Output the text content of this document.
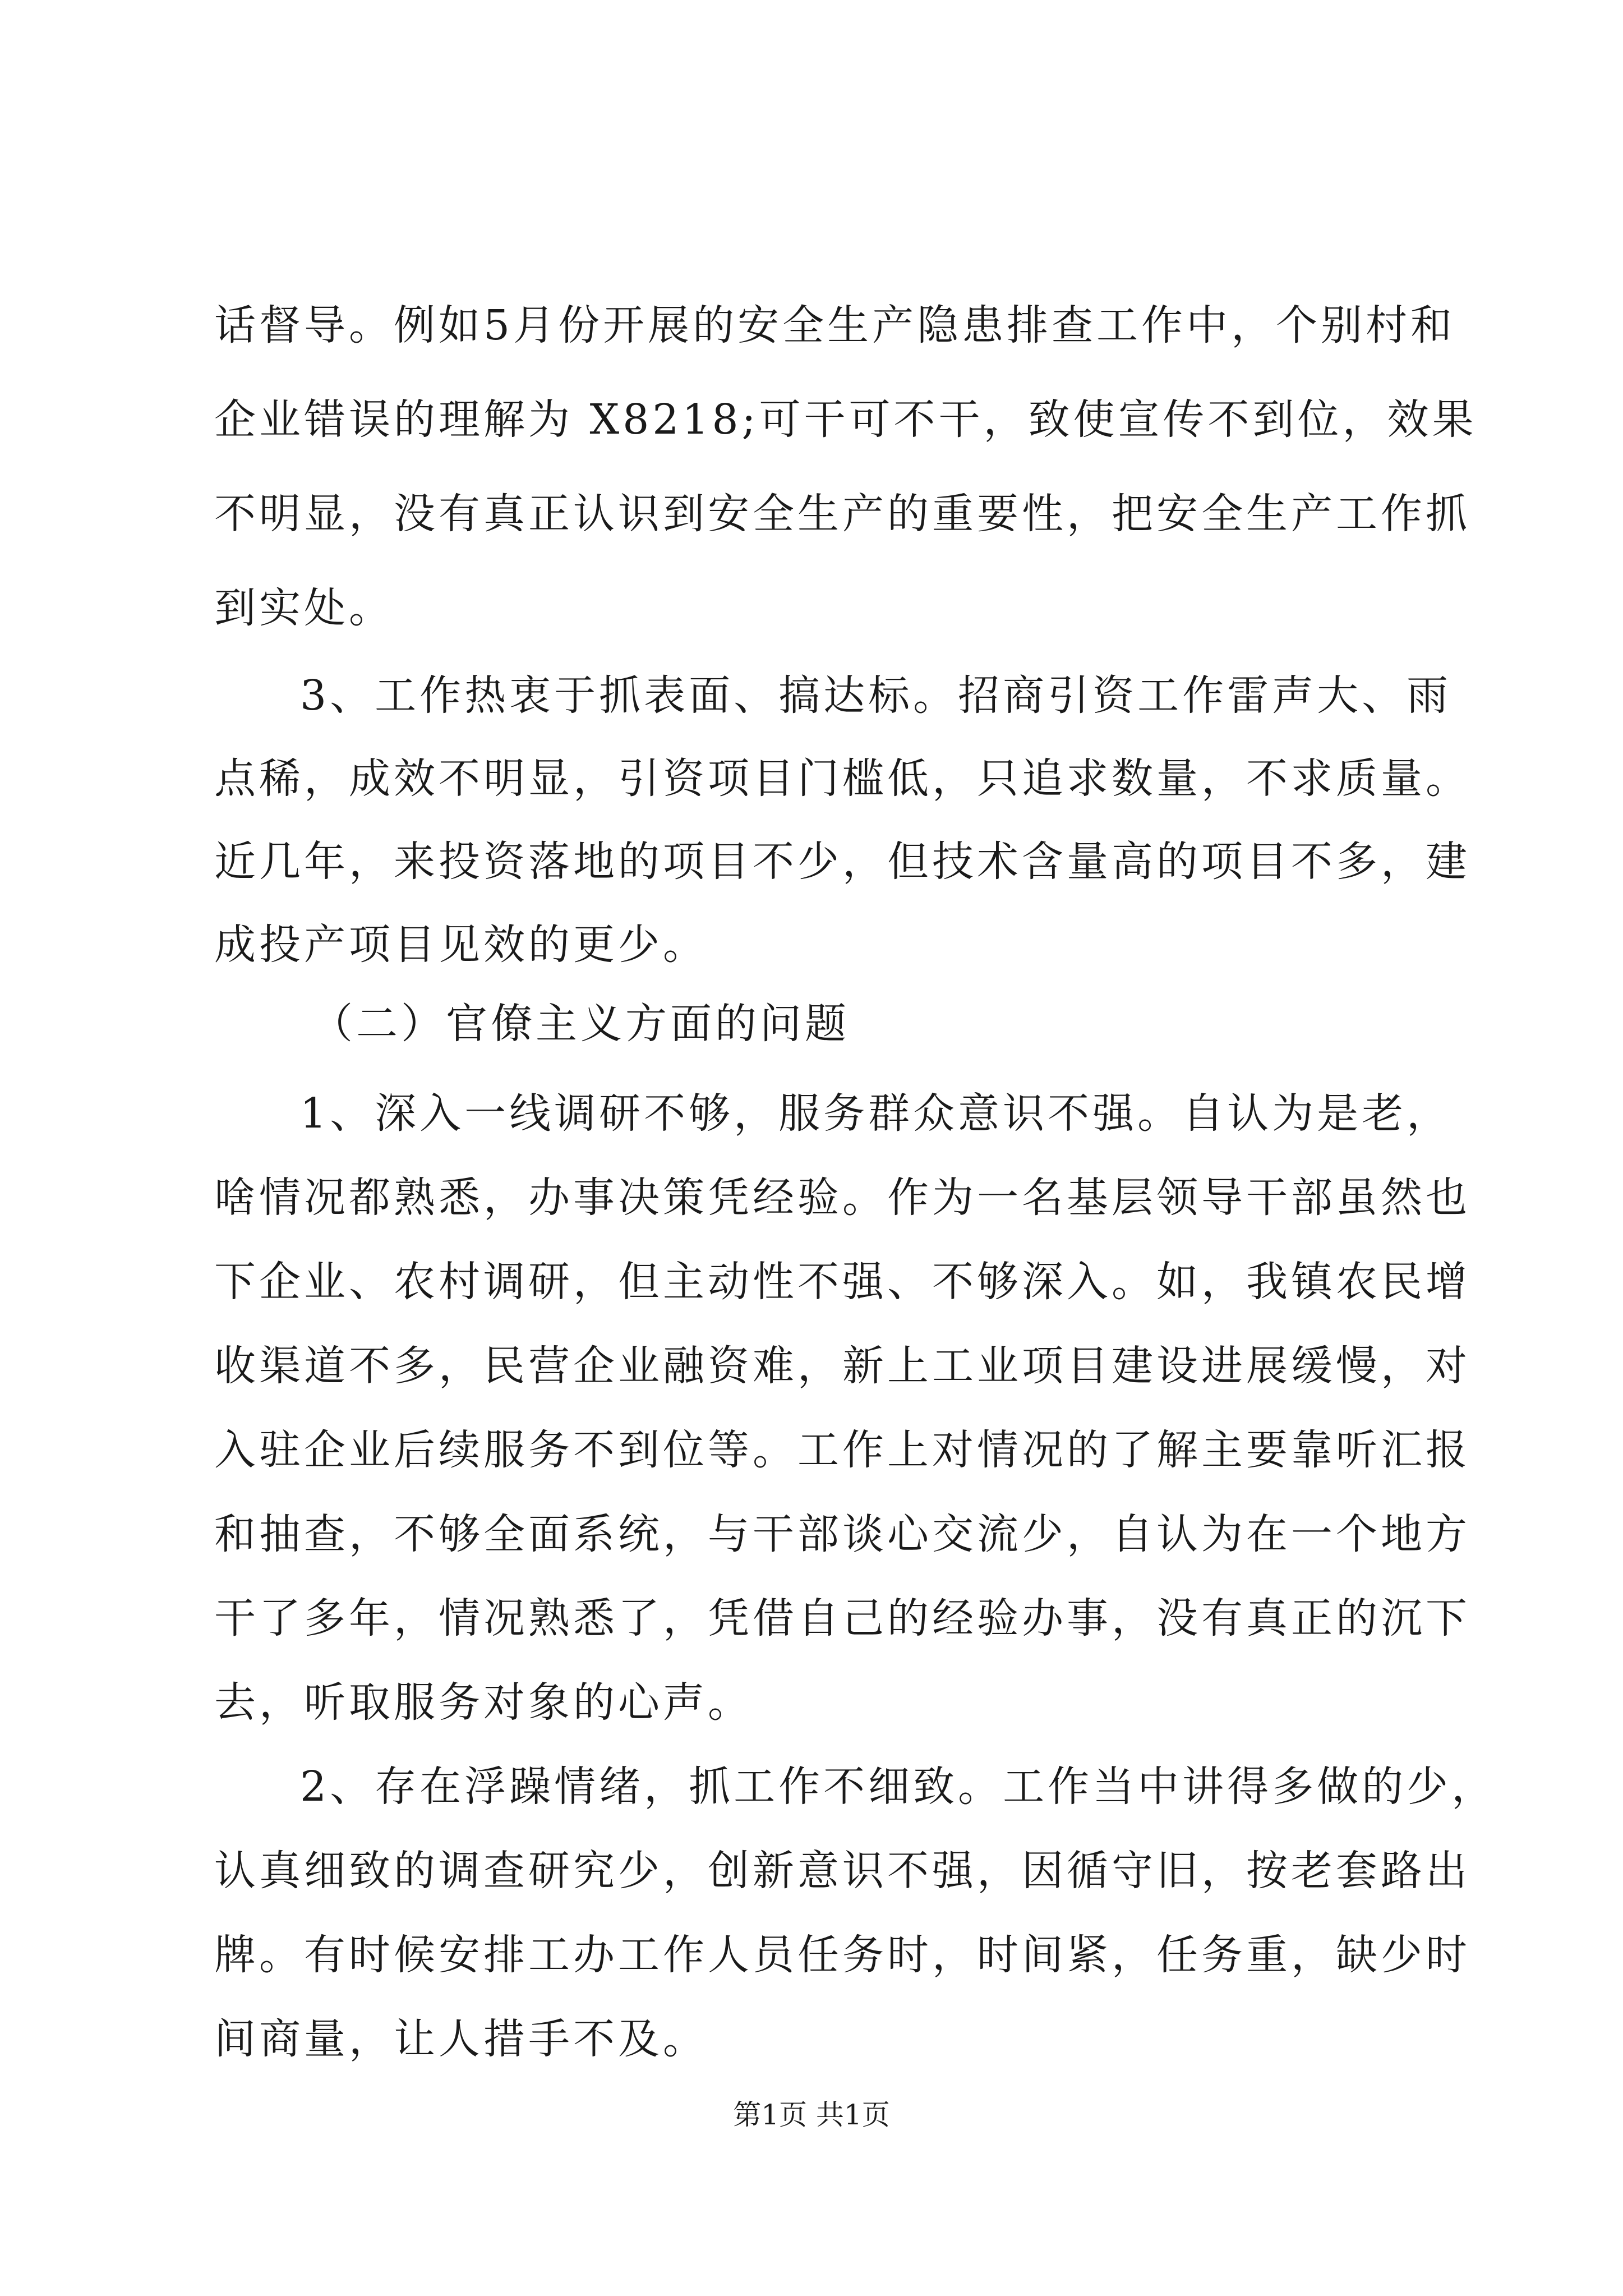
话督导。例如5月份开展的安全生产隐患排查工作中，个别村和
企业错误的理解为 X8218;可干可不干，致使宣传不到位，效果
不明显，没有真正认识到安全生产的重要性，把安全生产工作抓
到实处。
3、工作热衷于抓表面、搞达标。招商引资工作雷声大、雨
点稀，成效不明显，引资项目门槛低，只追求数量，不求质量。
近几年，来投资落地的项目不少，但技术含量高的项目不多，建
成投产项目见效的更少。
（二）官僚主义方面的问题
1、深入一线调研不够，服务群众意识不强。自认为是老，
啥情况都熟悉，办事决策凭经验。作为一名基层领导干部虽然也
下企业、农村调研，但主动性不强、不够深入。如，我镇农民增
收渠道不多，民营企业融资难，新上工业项目建设进展缓慢，对
入驻企业后续服务不到位等。工作上对情况的了解主要靠听汇报
和抽查，不够全面系统，与干部谈心交流少，自认为在一个地方
干了多年，情况熟悉了，凭借自己的经验办事，没有真正的沉下
去，听取服务对象的心声。
2、存在浮躁情绪，抓工作不细致。工作当中讲得多做的少，
认真细致的调查研究少，创新意识不强，因循守旧，按老套路出
牌。有时候安排工办工作人员任务时，时间紧，任务重，缺少时
间商量，让人措手不及。
第1页 共1页
